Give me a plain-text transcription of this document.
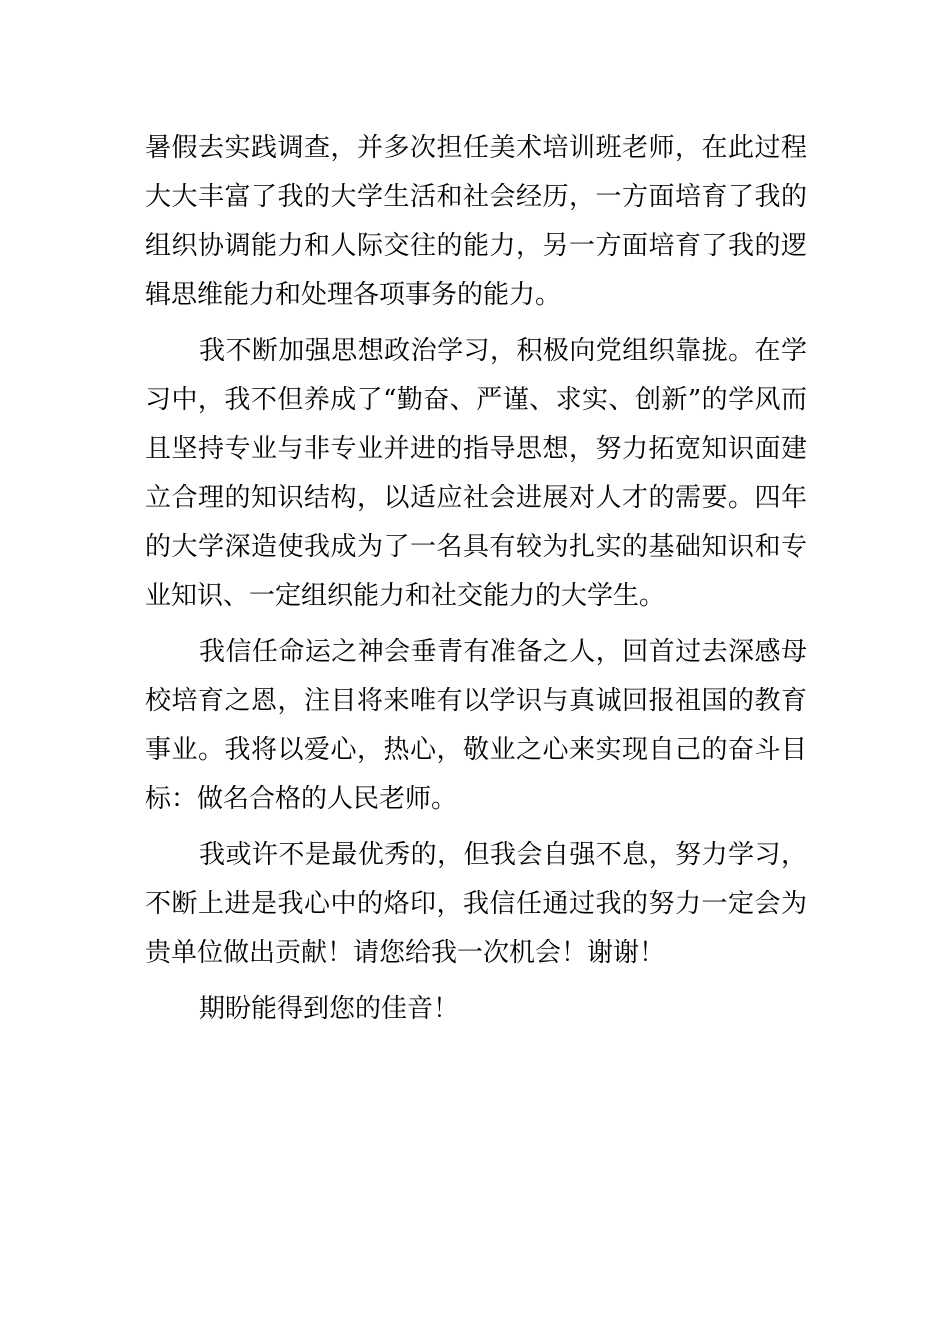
暑假去实践调查，并多次担任美术培训班老师，在此过程大大丰富了我的大学生活和社会经历，一方面培育了我的组织协调能力和人际交往的能力，另一方面培育了我的逻辑思维能力和处理各项事务的能力。

我不断加强思想政治学习，积极向党组织靠拢。在学习中，我不但养成了“勤奋、严谨、求实、创新”的学风而且坚持专业与非专业并进的指导思想，努力拓宽知识面建立合理的知识结构，以适应社会进展对人才的需要。四年的大学深造使我成为了一名具有较为扎实的基础知识和专业知识、一定组织能力和社交能力的大学生。

我信任命运之神会垂青有准备之人，回首过去深感母校培育之恩，注目将来唯有以学识与真诚回报祖国的教育事业。我将以爱心，热心，敬业之心来实现自己的奋斗目标：做名合格的人民老师。

我或许不是最优秀的，但我会自强不息，努力学习，不断上进是我心中的烙印，我信任通过我的努力一定会为贵单位做出贡献！请您给我一次机会！谢谢！

期盼能得到您的佳音！
